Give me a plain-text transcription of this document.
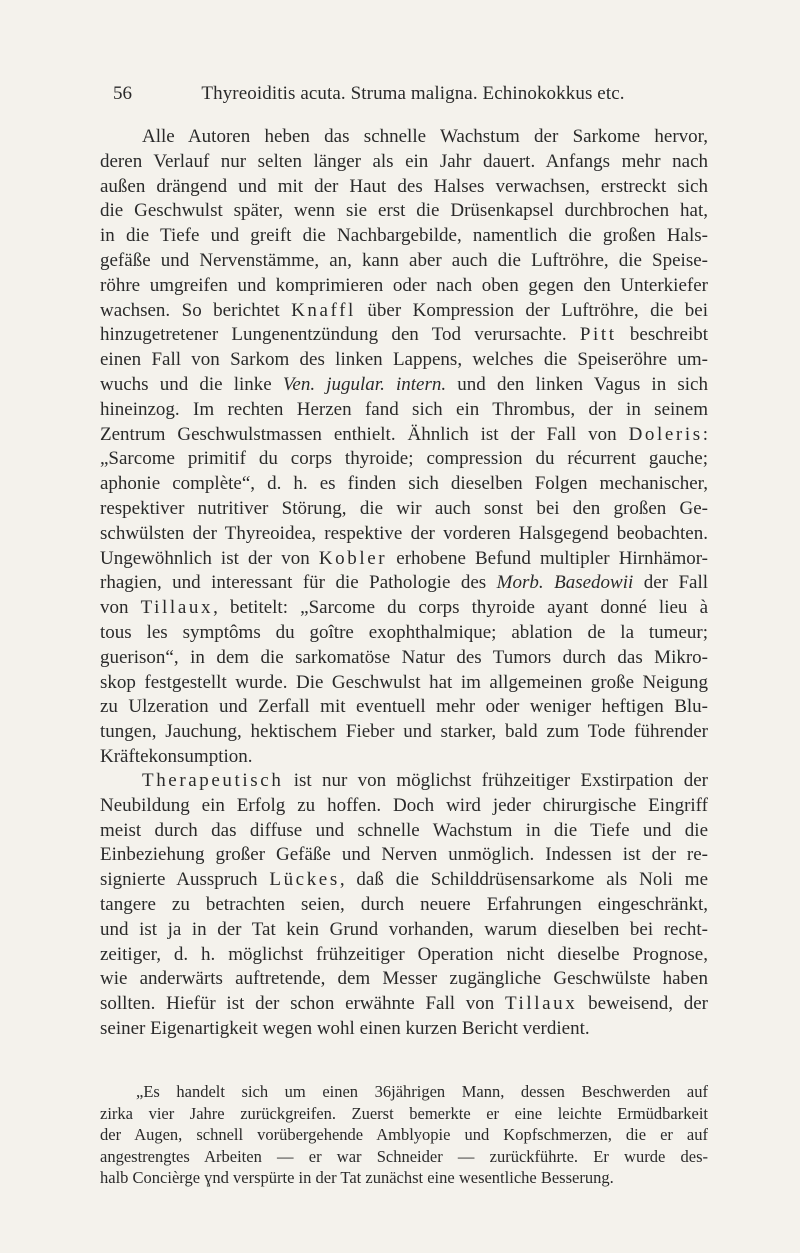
56	Thyreoiditis acuta. Struma maligna. Echinokokkus etc.
Alle Autoren heben das schnelle Wachstum der Sarkome hervor,
deren Verlauf nur selten länger als ein Jahr dauert. Anfangs mehr nach
außen drängend und mit der Haut des Halses verwachsen, erstreckt sich
die Geschwulst später, wenn sie erst die Drüsenkapsel durchbrochen hat,
in die Tiefe und greift die Nachbargebilde, namentlich die großen Hals-
gefäße und Nervenstämme, an, kann aber auch die Luftröhre, die Speise-
röhre umgreifen und komprimieren oder nach oben gegen den Unterkiefer
wachsen. So berichtet Knaffl über Kompression der Luftröhre, die bei
hinzugetretener Lungenentzündung den Tod verursachte. Pitt beschreibt
einen Fall von Sarkom des linken Lappens, welches die Speiseröhre um-
wuchs und die linke Ven. jugular. intern. und den linken Vagus in sich
hineinzog. Im rechten Herzen fand sich ein Thrombus, der in seinem
Zentrum Geschwulstmassen enthielt. Ähnlich ist der Fall von Doleris:
„Sarcome primitif du corps thyroide; compression du récurrent gauche;
aphonie complète“, d. h. es finden sich dieselben Folgen mechanischer,
respektiver nutritiver Störung, die wir auch sonst bei den großen Ge-
schwülsten der Thyreoidea, respektive der vorderen Halsgegend beobachten.
Ungewöhnlich ist der von Kobler erhobene Befund multipler Hirnhämor-
rhagien, und interessant für die Pathologie des Morb. Basedowii der Fall
von Tillaux, betitelt: „Sarcome du corps thyroide ayant donné lieu à
tous les symptôms du goître exophthalmique; ablation de la tumeur;
guerison“, in dem die sarkomatöse Natur des Tumors durch das Mikro-
skop festgestellt wurde. Die Geschwulst hat im allgemeinen große Neigung
zu Ulzeration und Zerfall mit eventuell mehr oder weniger heftigen Blu-
tungen, Jauchung, hektischem Fieber und starker, bald zum Tode führender
Kräftekonsumption.
Therapeutisch ist nur von möglichst frühzeitiger Exstirpation der
Neubildung ein Erfolg zu hoffen. Doch wird jeder chirurgische Eingriff
meist durch das diffuse und schnelle Wachstum in die Tiefe und die
Einbeziehung großer Gefäße und Nerven unmöglich. Indessen ist der re-
signierte Ausspruch Lückes, daß die Schilddrüsensarkome als Noli me
tangere zu betrachten seien, durch neuere Erfahrungen eingeschränkt,
und ist ja in der Tat kein Grund vorhanden, warum dieselben bei recht-
zeitiger, d. h. möglichst frühzeitiger Operation nicht dieselbe Prognose,
wie anderwärts auftretende, dem Messer zugängliche Geschwülste haben
sollten. Hiefür ist der schon erwähnte Fall von Tillaux beweisend, der
seiner Eigenartigkeit wegen wohl einen kurzen Bericht verdient.
„Es handelt sich um einen 36jährigen Mann, dessen Beschwerden auf
zirka vier Jahre zurückgreifen. Zuerst bemerkte er eine leichte Ermüdbarkeit
der Augen, schnell vorübergehende Amblyopie und Kopfschmerzen, die er auf
angestrengtes Arbeiten — er war Schneider — zurückführte. Er wurde des-
halb Concièrge ɣnd verspürte in der Tat zunächst eine wesentliche Besserung.
